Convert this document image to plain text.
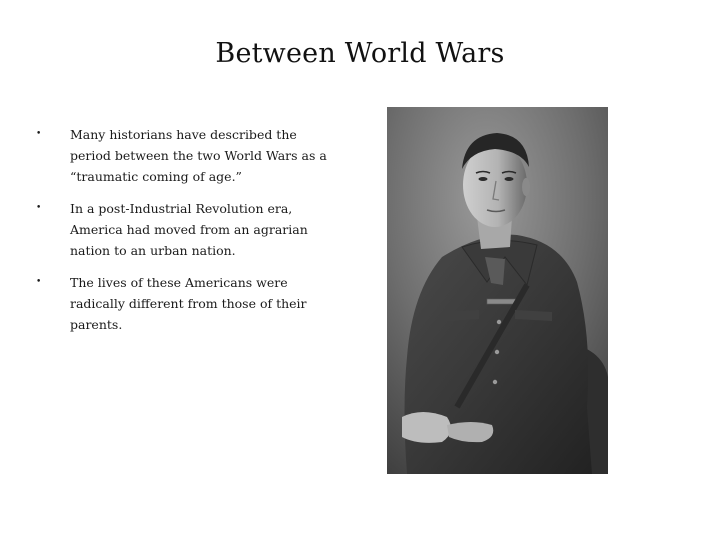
Between World Wars
• Many historians have described the period between the two World Wars as a “traumatic coming of age.”
• In a post-Industrial Revolution era, America had moved from an agrarian nation to an urban nation.
• The lives of these Americans were radically different from those of their parents.
